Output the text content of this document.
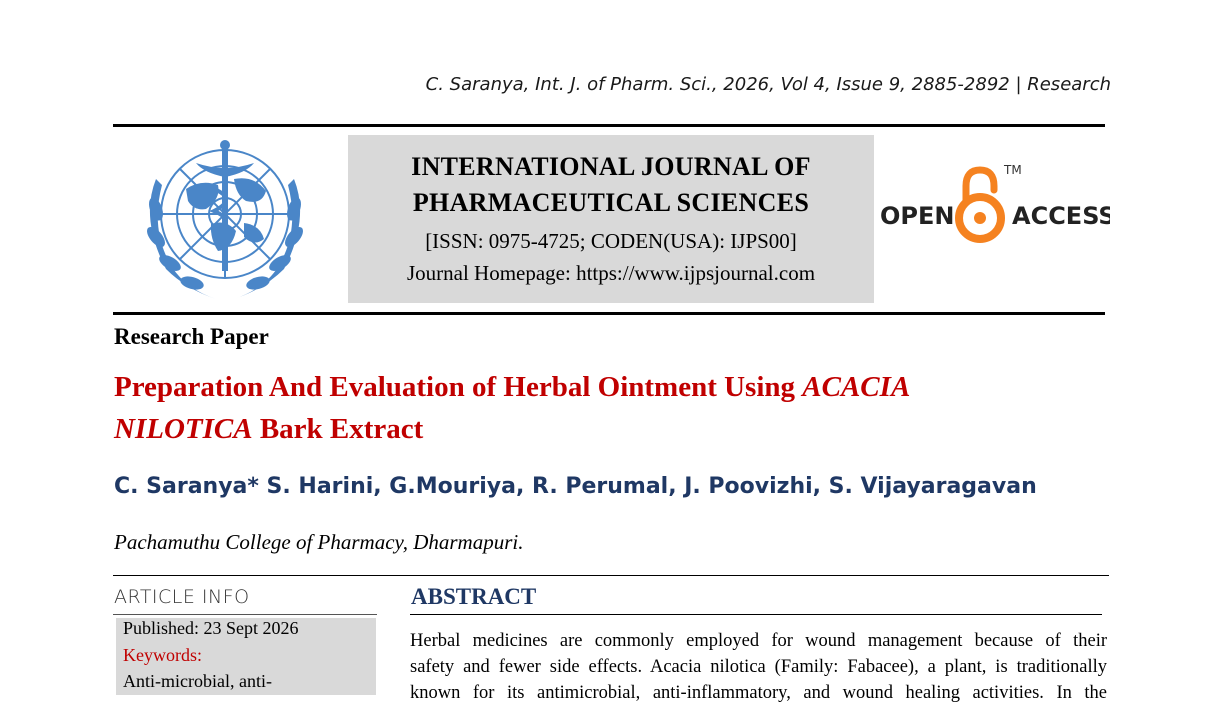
C. Saranya, Int. J. of Pharm. Sci., 2026, Vol 4, Issue 9, 2885-2892 | Research
INTERNATIONAL JOURNAL OF
PHARMACEUTICAL SCIENCES
[ISSN: 0975-4725; CODEN(USA): IJPS00]
Journal Homepage: https://www.ijpsjournal.com
OPEN
TM
ACCESS
Research Paper
Preparation And Evaluation of Herbal Ointment Using ACACIA
NILOTICA Bark Extract
C. Saranya* S. Harini, G.Mouriya, R. Perumal, J. Poovizhi, S. Vijayaragavan
Pachamuthu College of Pharmacy, Dharmapuri.
ARTICLE INFO
Published: 23 Sept 2026
Keywords:
Anti-microbial, anti-
ABSTRACT
Herbal medicines are commonly employed for wound management because of their
safety and fewer side effects. Acacia nilotica (Family: Fabacee), a plant, is traditionally
known for its antimicrobial, anti-inflammatory, and wound healing activities. In the
